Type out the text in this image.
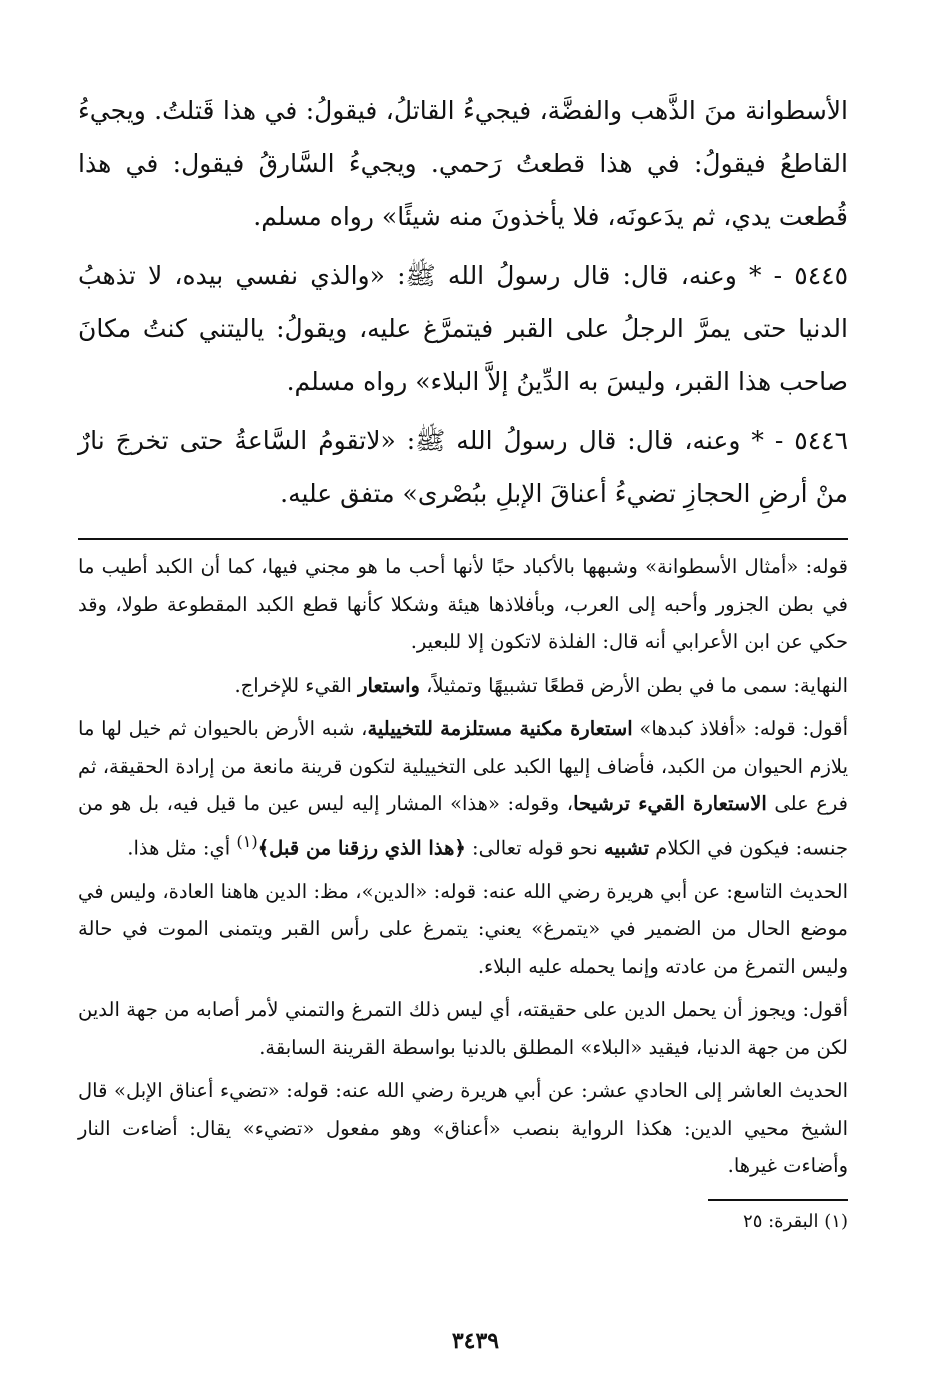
الأسطوانة منَ الذَّهب والفضَّة، فيجيءُ القاتلُ، فيقولُ: في هذا قَتلتُ. ويجيءُ القاطعُ فيقولُ: في هذا قطعتُ رَحمي. ويجيءُ السَّارقُ فيقول: في هذا قُطعت يدي، ثم يدَعونَه، فلا يأخذونَ منه شيئًا» رواه مسلم.

٥٤٤٥ - * وعنه، قال: قال رسولُ الله ﷺ: «والذي نفسي بيده، لا تذهبُ الدنيا حتى يمرَّ الرجلُ على القبر فيتمرَّغ عليه، ويقولُ: ياليتني كنتُ مكانَ صاحب هذا القبر، وليسَ به الدِّينُ إلاَّ البلاء» رواه مسلم.

٥٤٤٦ - * وعنه، قال: قال رسولُ الله ﷺ: «لاتقومُ السَّاعةُ حتى تخرجَ نارٌ منْ أرضِ الحجازِ تضيءُ أعناقَ الإبلِ ببُصْرى» متفق عليه.

قوله: «أمثال الأسطوانة» وشبهها بالأكباد حبًا لأنها أحب ما هو مجني فيها، كما أن الكبد أطيب ما في بطن الجزور وأحبه إلى العرب، وبأفلاذها هيئة وشكلا كأنها قطع الكبد المقطوعة طولا، وقد حكي عن ابن الأعرابي أنه قال: الفلذة لاتكون إلا للبعير.

النهاية: سمى ما في بطن الأرض قطعًا تشبيهًا وتمثيلاً، واستعار القيء للإخراج.

أقول: قوله: «أفلاذ كبدها» استعارة مكنية مستلزمة للتخييلية، شبه الأرض بالحيوان ثم خيل لها ما يلازم الحيوان من الكبد، فأضاف إليها الكبد على التخييلية لتكون قرينة مانعة من إرادة الحقيقة، ثم فرع على الاستعارة القيء ترشيحا، وقوله: «هذا» المشار إليه ليس عين ما قيل فيه، بل هو من جنسه: فيكون في الكلام تشبيه نحو قوله تعالى: ﴿هذا الذي رزقنا من قبل﴾$^{(١)}$ أي: مثل هذا.

الحديث التاسع: عن أبي هريرة رضي الله عنه: قوله: «الدين»، مظ: الدين هاهنا العادة، وليس في موضع الحال من الضمير في «يتمرغ» يعني: يتمرغ على رأس القبر ويتمنى الموت في حالة وليس التمرغ من عادته وإنما يحمله عليه البلاء.

أقول: ويجوز أن يحمل الدين على حقيقته، أي ليس ذلك التمرغ والتمني لأمر أصابه من جهة الدين لكن من جهة الدنيا، فيقيد «البلاء» المطلق بالدنيا بواسطة القرينة السابقة.

الحديث العاشر إلى الحادي عشر: عن أبي هريرة رضي الله عنه: قوله: «تضيء أعناق الإبل» قال الشيخ محيي الدين: هكذا الرواية بنصب «أعناق» وهو مفعول «تضيء» يقال: أضاءت النار وأضاءت غيرها.

(١) البقرة: ٢٥

٣٤٣٩
